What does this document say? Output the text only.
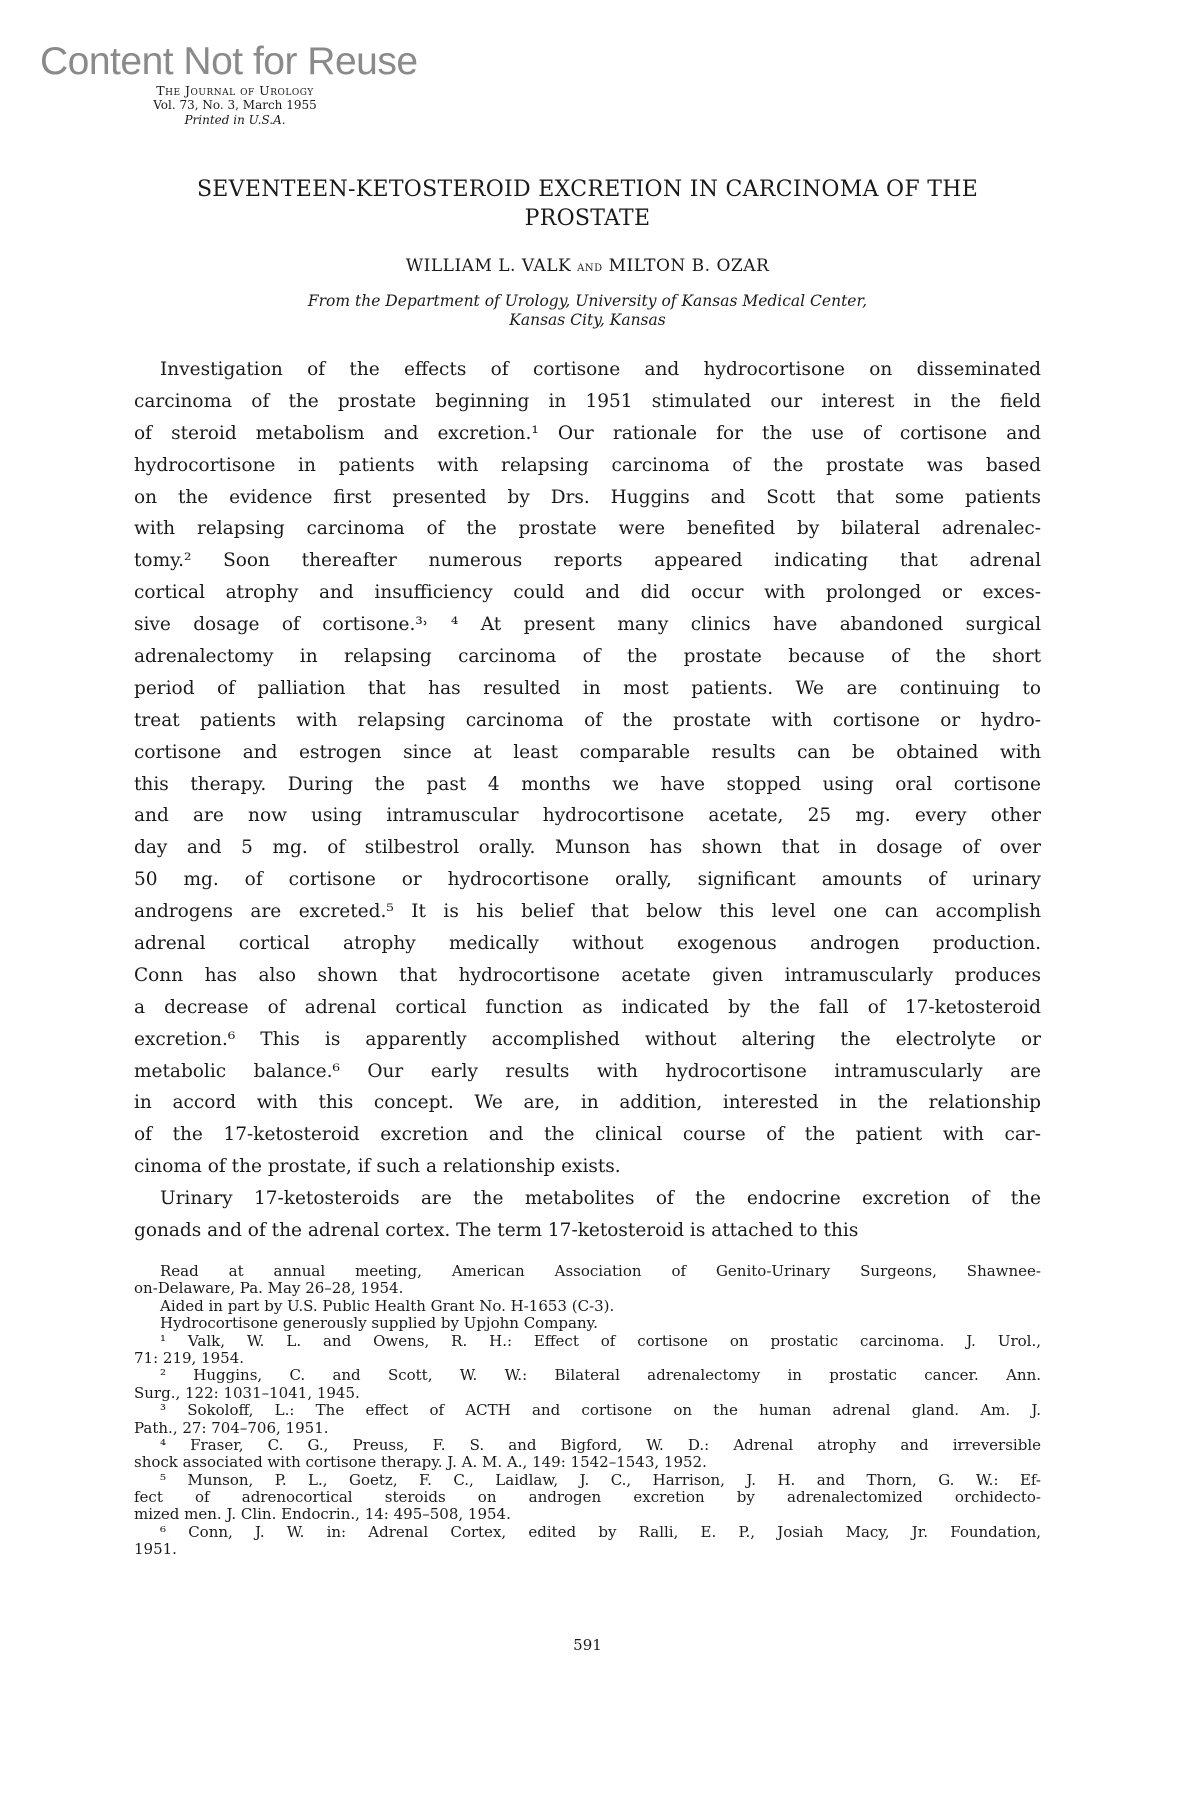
Content Not for Reuse
The Journal of Urology
Vol. 73, No. 3, March 1955
Printed in U.S.A.
SEVENTEEN-KETOSTEROID EXCRETION IN CARCINOMA OF THE
PROSTATE
WILLIAM L. VALK and MILTON B. OZAR
From the Department of Urology, University of Kansas Medical Center,
Kansas City, Kansas
Investigation of the effects of cortisone and hydrocortisone on disseminated
carcinoma of the prostate beginning in 1951 stimulated our interest in the field
of steroid metabolism and excretion.¹ Our rationale for the use of cortisone and
hydrocortisone in patients with relapsing carcinoma of the prostate was based
on the evidence first presented by Drs. Huggins and Scott that some patients
with relapsing carcinoma of the prostate were benefited by bilateral adrenalec-
tomy.² Soon thereafter numerous reports appeared indicating that adrenal
cortical atrophy and insufficiency could and did occur with prolonged or exces-
sive dosage of cortisone.³˒ ⁴ At present many clinics have abandoned surgical
adrenalectomy in relapsing carcinoma of the prostate because of the short
period of palliation that has resulted in most patients. We are continuing to
treat patients with relapsing carcinoma of the prostate with cortisone or hydro-
cortisone and estrogen since at least comparable results can be obtained with
this therapy. During the past 4 months we have stopped using oral cortisone
and are now using intramuscular hydrocortisone acetate, 25 mg. every other
day and 5 mg. of stilbestrol orally. Munson has shown that in dosage of over
50 mg. of cortisone or hydrocortisone orally, significant amounts of urinary
androgens are excreted.⁵ It is his belief that below this level one can accomplish
adrenal cortical atrophy medically without exogenous androgen production.
Conn has also shown that hydrocortisone acetate given intramuscularly produces
a decrease of adrenal cortical function as indicated by the fall of 17-ketosteroid
excretion.⁶ This is apparently accomplished without altering the electrolyte or
metabolic balance.⁶ Our early results with hydrocortisone intramuscularly are
in accord with this concept. We are, in addition, interested in the relationship
of the 17-ketosteroid excretion and the clinical course of the patient with car-
cinoma of the prostate, if such a relationship exists.
Urinary 17-ketosteroids are the metabolites of the endocrine excretion of the
gonads and of the adrenal cortex. The term 17-ketosteroid is attached to this
Read at annual meeting, American Association of Genito-Urinary Surgeons, Shawnee-
on-Delaware, Pa. May 26–28, 1954.
Aided in part by U.S. Public Health Grant No. H-1653 (C-3).
Hydrocortisone generously supplied by Upjohn Company.
¹ Valk, W. L. and Owens, R. H.: Effect of cortisone on prostatic carcinoma. J. Urol.,
71: 219, 1954.
² Huggins, C. and Scott, W. W.: Bilateral adrenalectomy in prostatic cancer. Ann.
Surg., 122: 1031–1041, 1945.
³ Sokoloff, L.: The effect of ACTH and cortisone on the human adrenal gland. Am. J.
Path., 27: 704–706, 1951.
⁴ Fraser, C. G., Preuss, F. S. and Bigford, W. D.: Adrenal atrophy and irreversible
shock associated with cortisone therapy. J. A. M. A., 149: 1542–1543, 1952.
⁵ Munson, P. L., Goetz, F. C., Laidlaw, J. C., Harrison, J. H. and Thorn, G. W.: Ef-
fect of adrenocortical steroids on androgen excretion by adrenalectomized orchidecto-
mized men. J. Clin. Endocrin., 14: 495–508, 1954.
⁶ Conn, J. W. in: Adrenal Cortex, edited by Ralli, E. P., Josiah Macy, Jr. Foundation,
1951.
591
